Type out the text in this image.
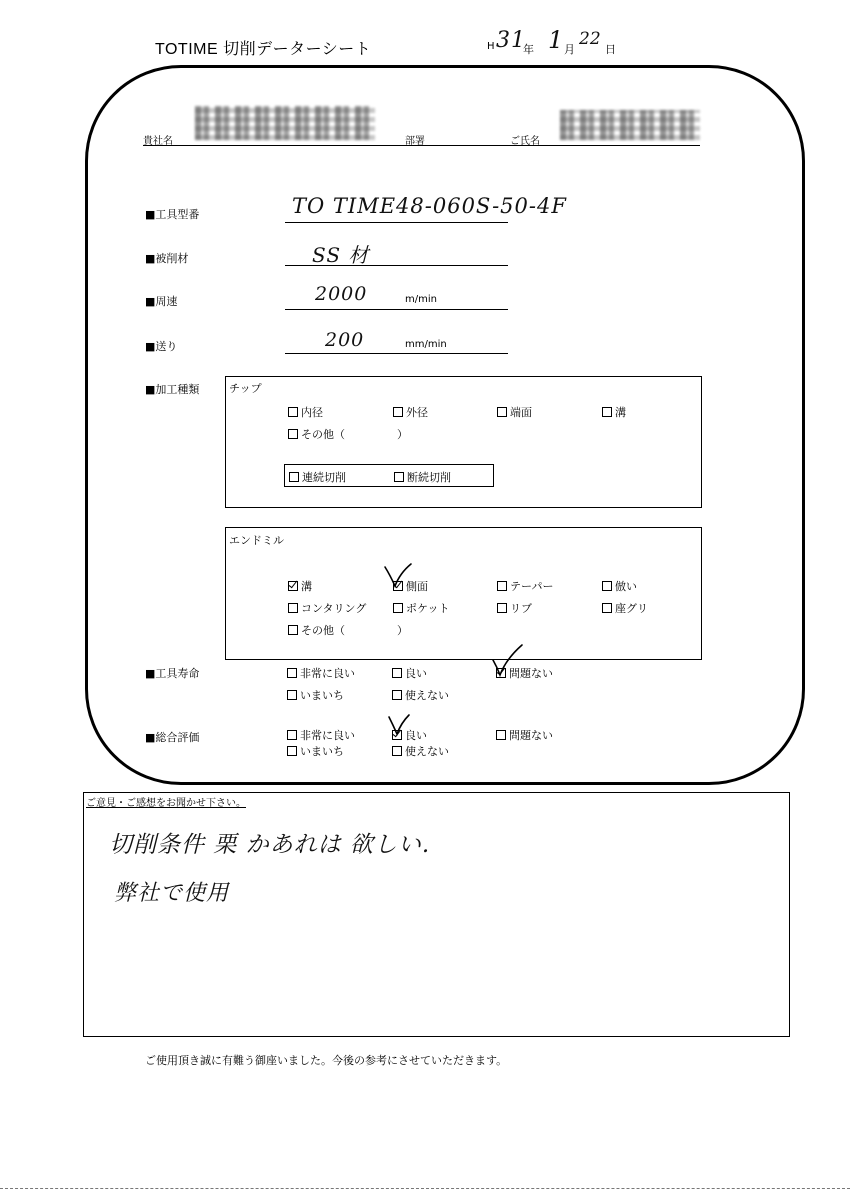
TOTIME 切削データーシート	H 31
年 1 月
22
日
貴社名	部署	ご氏名
■工具型番	TO TIME48-060S-50-4F
■被削材	SS 材
■周速	2000	m/min
■送り	200	mm/min
■加工種類	チップ
内径	外径	端面	溝
その他（	）
連続切削	断続切削
エンドミル
溝	側面	テーパー	倣い
コンタリング	ポケット	リブ	座グリ
その他（	）
■工具寿命	非常に良い	良い	問題ない
いまいち	使えない
■総合評価	非常に良い	良い	問題ない
いまいち	使えない
ご意見・ご感想をお聞かせ下さい。
切削条件 栗 かあれは 欲しい.
弊社で使用
ご使用頂き誠に有難う御座いました。今後の参考にさせていただきます。
